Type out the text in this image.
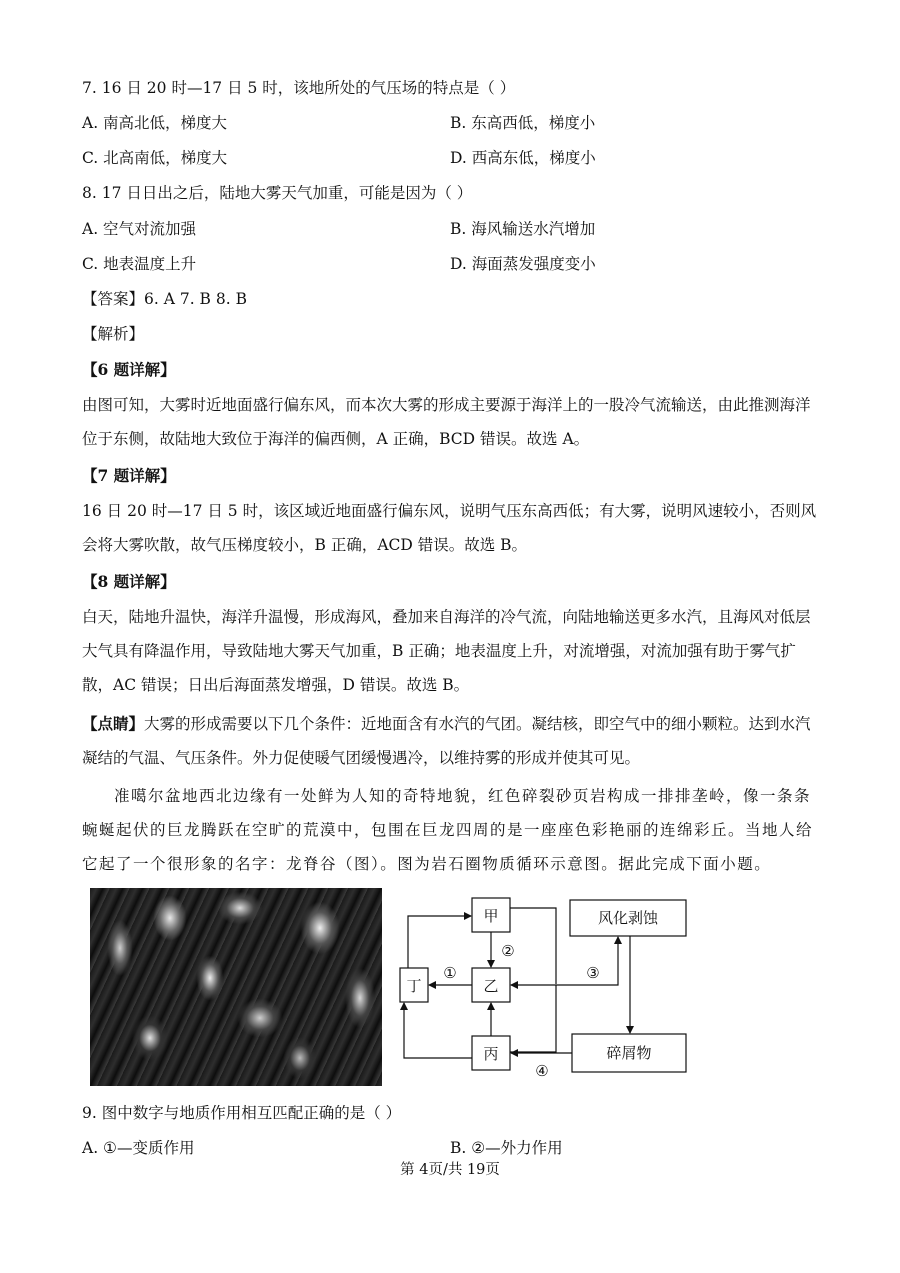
7. 16 日 20 时—17 日 5 时，该地所处的气压场的特点是（ ）
A. 南高北低，梯度大	B. 东高西低，梯度小
C. 北高南低，梯度大	D. 西高东低，梯度小
8. 17 日日出之后，陆地大雾天气加重，可能是因为（ ）
A. 空气对流加强	B. 海风输送水汽增加
C. 地表温度上升	D. 海面蒸发强度变小
【答案】6. A 7. B 8. B
【解析】
【6 题详解】
由图可知，大雾时近地面盛行偏东风，而本次大雾的形成主要源于海洋上的一股冷气流输送，由此推测海洋位于东侧，故陆地大致位于海洋的偏西侧，A 正确，BCD 错误。故选 A。
【7 题详解】
16 日 20 时—17 日 5 时，该区域近地面盛行偏东风，说明气压东高西低；有大雾，说明风速较小，否则风会将大雾吹散，故气压梯度较小，B 正确，ACD 错误。故选 B。
【8 题详解】
白天，陆地升温快，海洋升温慢，形成海风，叠加来自海洋的冷气流，向陆地输送更多水汽，且海风对低层大气具有降温作用，导致陆地大雾天气加重，B 正确；地表温度上升，对流增强，对流加强有助于雾气扩散，AC 错误；日出后海面蒸发增强，D 错误。故选 B。
【点睛】大雾的形成需要以下几个条件：近地面含有水汽的气团。凝结核，即空气中的细小颗粒。达到水汽凝结的气温、气压条件。外力促使暖气团缓慢遇冷，以维持雾的形成并使其可见。
准噶尔盆地西北边缘有一处鲜为人知的奇特地貌，红色碎裂砂页岩构成一排排垄岭，像一条条蜿蜒起伏的巨龙腾跃在空旷的荒漠中，包围在巨龙四周的是一座座色彩艳丽的连绵彩丘。当地人给它起了一个很形象的名字：龙脊谷（图）。图为岩石圈物质循环示意图。据此完成下面小题。
甲
乙
丙
丁
风化剥蚀
碎屑物
①
②
③
④
9. 图中数字与地质作用相互匹配正确的是（ ）
A. ①—变质作用	B. ②—外力作用
第 4页/共 19页
